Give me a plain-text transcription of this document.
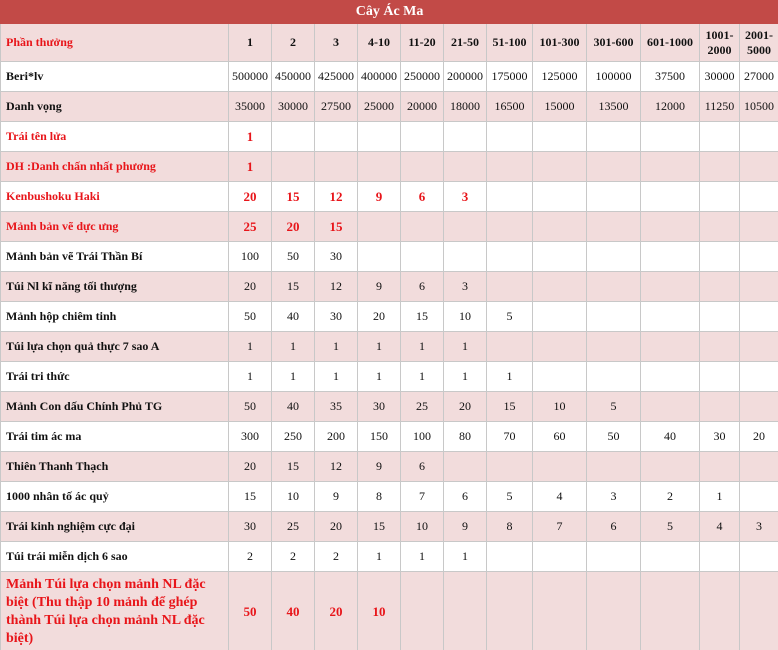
Cây Ác Ma												
Phần thưởng	1	2	3	4-10	11-20	21-50	51-100	101-300	301-600	601-1000	1001-2000	2001-5000
Beri*lv	500000	450000	425000	400000	250000	200000	175000	125000	100000	37500	30000	27000
Danh vọng	35000	30000	27500	25000	20000	18000	16500	15000	13500	12000	11250	10500
Trái tên lửa	1											
DH :Danh chấn nhất phương	1											
Kenbushoku Haki	20	15	12	9	6	3						
Mảnh bản vẽ dực ưng	25	20	15									
Mảnh bản vẽ Trái Thần Bí	100	50	30									
Túi Nl kĩ năng tối thượng	20	15	12	9	6	3						
Mảnh hộp chiêm tinh	50	40	30	20	15	10	5					
Túi lựa chọn quả thực 7 sao A	1	1	1	1	1	1						
Trái tri thức	1	1	1	1	1	1	1					
Mảnh Con dấu Chính Phủ TG	50	40	35	30	25	20	15	10	5			
Trái tim ác ma	300	250	200	150	100	80	70	60	50	40	30	20
Thiên Thanh Thạch	20	15	12	9	6							
1000 nhân tố ác quỷ	15	10	9	8	7	6	5	4	3	2	1	
Trái kinh nghiệm cực đại	30	25	20	15	10	9	8	7	6	5	4	3
Túi trái miễn dịch 6 sao	2	2	2	1	1	1						
Mảnh Túi lựa chọn mảnh NL đặc biệt (Thu thập 10 mảnh để ghép thành Túi lựa chọn mảnh NL đặc biệt)	50	40	20	10								
